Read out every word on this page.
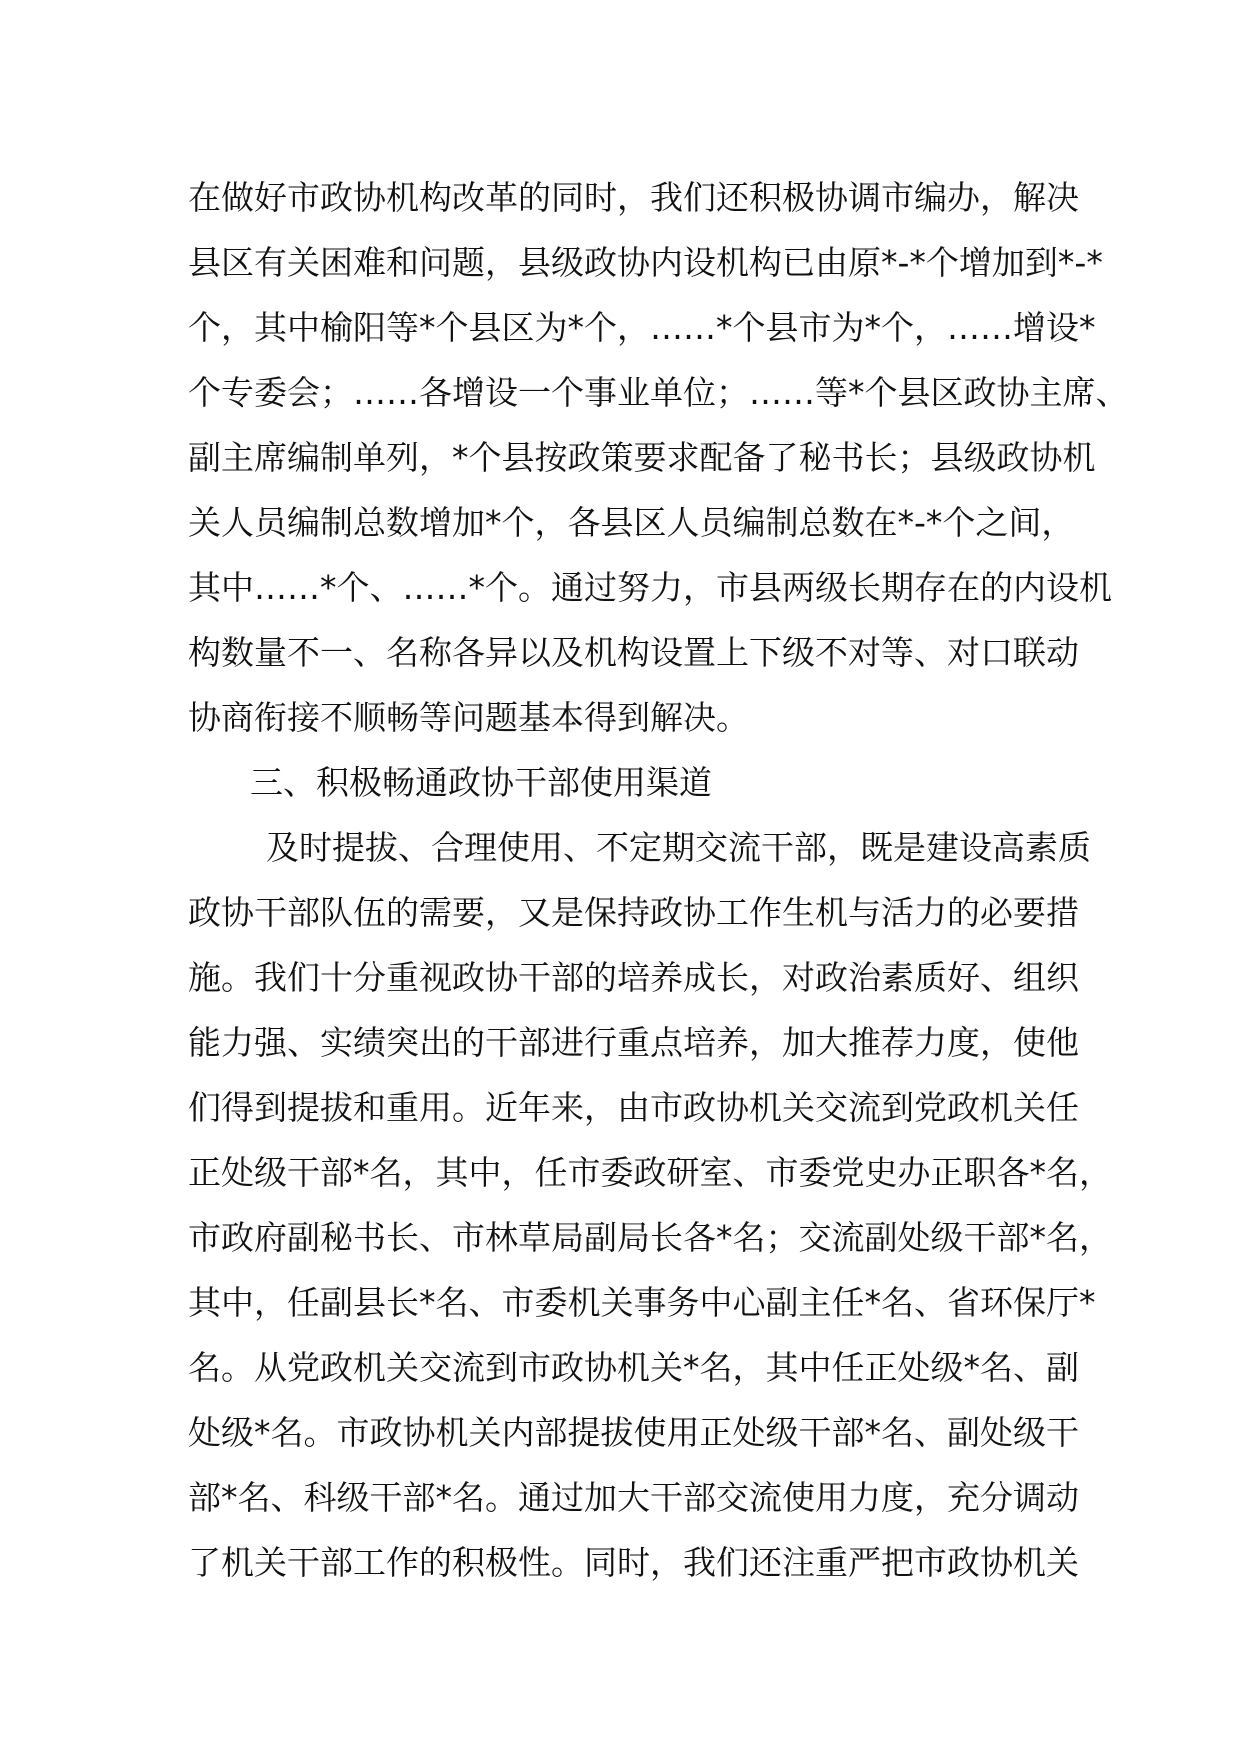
在做好市政协机构改革的同时，我们还积极协调市编办，解决
县区有关困难和问题，县级政协内设机构已由原*-*个增加到*-*
个，其中榆阳等*个县区为*个，……*个县市为*个，……增设*
个专委会；……各增设一个事业单位；……等*个县区政协主席、
副主席编制单列，*个县按政策要求配备了秘书长；县级政协机
关人员编制总数增加*个，各县区人员编制总数在*-*个之间，
其中……*个、……*个。通过努力，市县两级长期存在的内设机
构数量不一、名称各异以及机构设置上下级不对等、对口联动
协商衔接不顺畅等问题基本得到解决。
三、积极畅通政协干部使用渠道
及时提拔、合理使用、不定期交流干部，既是建设高素质
政协干部队伍的需要，又是保持政协工作生机与活力的必要措
施。我们十分重视政协干部的培养成长，对政治素质好、组织
能力强、实绩突出的干部进行重点培养，加大推荐力度，使他
们得到提拔和重用。近年来，由市政协机关交流到党政机关任
正处级干部*名，其中，任市委政研室、市委党史办正职各*名，
市政府副秘书长、市林草局副局长各*名；交流副处级干部*名，
其中，任副县长*名、市委机关事务中心副主任*名、省环保厅*
名。从党政机关交流到市政协机关*名，其中任正处级*名、副
处级*名。市政协机关内部提拔使用正处级干部*名、副处级干
部*名、科级干部*名。通过加大干部交流使用力度，充分调动
了机关干部工作的积极性。同时，我们还注重严把市政协机关
